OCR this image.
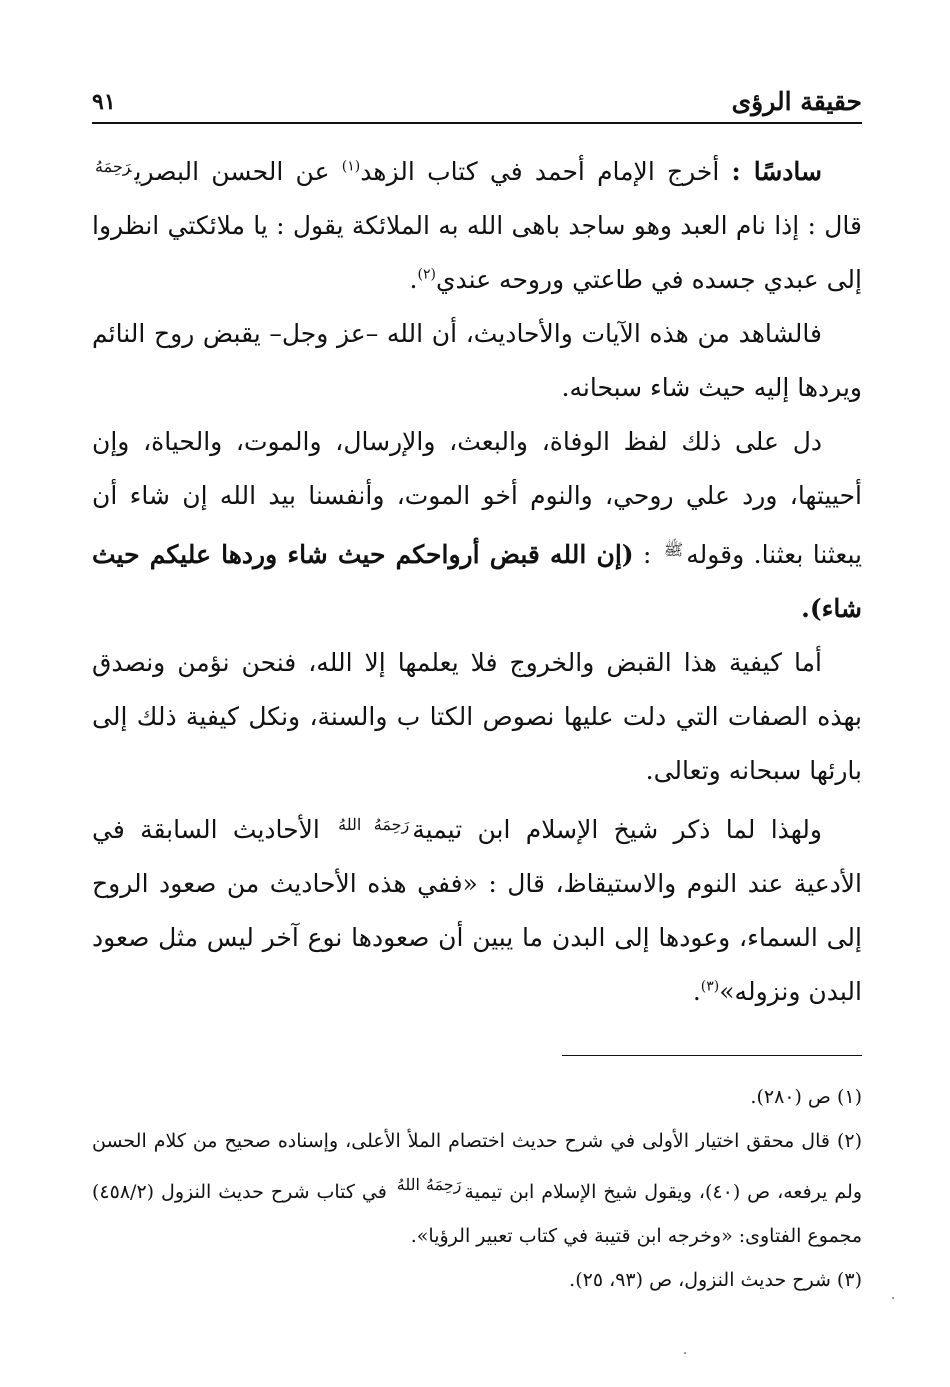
حقيقة الرؤى
٩١

سادسًا : أخرج الإمام أحمد في كتاب الزهد$^{(١)}$ عن الحسن البصري$^{رَحِمَهُ}$ قال : إذا نام العبد وهو ساجد باهى الله به الملائكة يقول : يا ملائكتي انظروا إلى عبدي جسده في طاعتي وروحه عندي$^{(٢)}$.

فالشاهد من هذه الآيات والأحاديث، أن الله –عز وجل– يقبض روح النائم ويردها إليه حيث شاء سبحانه.

دل على ذلك لفظ الوفاة، والبعث، والإرسال، والموت، والحياة، وإن أحييتها، ورد علي روحي، والنوم أخو الموت، وأنفسنا بيد الله إن شاء أن يبعثنا بعثنا. وقوله$^ﷺ$ : (إن الله قبض أرواحكم حيث شاء وردها عليكم حيث شاء).

أما كيفية هذا القبض والخروج فلا يعلمها إلا الله، فنحن نؤمن ونصدق بهذه الصفات التي دلت عليها نصوص الكتا ب والسنة، ونكل كيفية ذلك إلى بارئها سبحانه وتعالى.

ولهذا لما ذكر شيخ الإسلام ابن تيمية$^{رَحِمَهُ اللهُ}$ الأحاديث السابقة في الأدعية عند النوم والاستيقاظ، قال : «ففي هذه الأحاديث من صعود الروح إلى السماء، وعودها إلى البدن ما يبين أن صعودها نوع آخر ليس مثل صعود البدن ونزوله»$^{(٣)}$.

(١) ص (٢٨٠).

(٢) قال محقق اختيار الأولى في شرح حديث اختصام الملأ الأعلى، وإسناده صحيح من كلام الحسن ولم يرفعه، ص (٤٠)، ويقول شيخ الإسلام ابن تيمية$^{رَحِمَهُ اللهُ}$ في كتاب شرح حديث النزول (٤٥٨/٢) مجموع الفتاوى: «وخرجه ابن قتيبة في كتاب تعبير الرؤيا».

(٣) شرح حديث النزول، ص (٩٣، ٢٥).
